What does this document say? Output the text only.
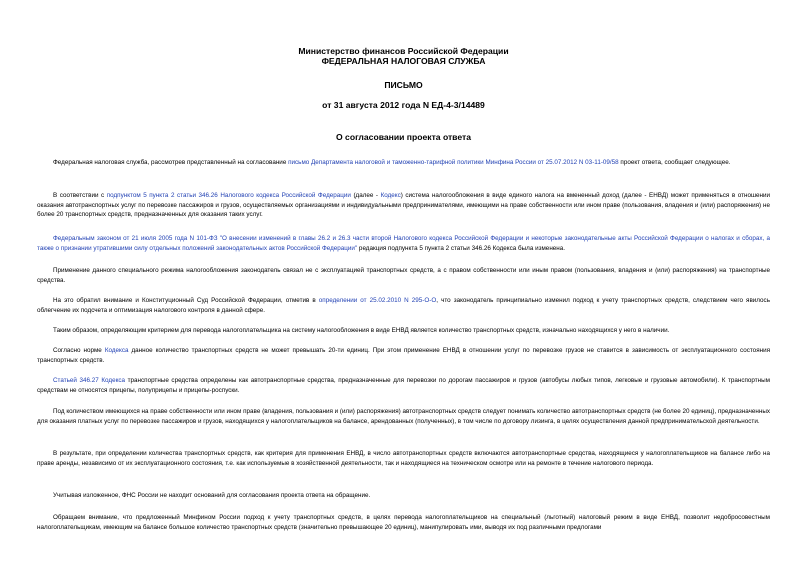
Министерство финансов Российской Федерации
ФЕДЕРАЛЬНАЯ НАЛОГОВАЯ СЛУЖБА
ПИСЬМО
от 31 августа 2012 года N ЕД-4-3/14489
О согласовании проекта ответа
Федеральная налоговая служба, рассмотрев представленный на согласование письмо Департамента налоговой и таможенно-тарифной политики Минфина России от 25.07.2012 N 03-11-09/58 проект ответа, сообщает следующее.
В соответствии с подпунктом 5 пункта 2 статьи 346.26 Налогового кодекса Российской Федерации (далее - Кодекс) система налогообложения в виде единого налога на вмененный доход (далее - ЕНВД) может применяться в отношении оказания автотранспортных услуг по перевозке пассажиров и грузов, осуществляемых организациями и индивидуальными предпринимателями, имеющими на праве собственности или ином праве (пользования, владения и (или) распоряжения) не более 20 транспортных средств, предназначенных для оказания таких услуг.
Федеральным законом от 21 июля 2005 года N 101-ФЗ "О внесении изменений в главы 26.2 и 26.3 части второй Налогового кодекса Российской Федерации и некоторые законодательные акты Российской Федерации о налогах и сборах, а также о признании утратившими силу отдельных положений законодательных актов Российской Федерации" редакция подпункта 5 пункта 2 статьи 346.26 Кодекса была изменена.
Применение данного специального режима налогообложения законодатель связал не с эксплуатацией транспортных средств, а с правом собственности или иным правом (пользования, владения и (или) распоряжения) на транспортные средства.
На это обратил внимание и Конституционный Суд Российской Федерации, отметив в определении от 25.02.2010 N 295-О-О, что законодатель принципиально изменил подход к учету транспортных средств, следствием чего явилось облегчение их подсчета и оптимизация налогового контроля в данной сфере.
Таким образом, определяющим критерием для перевода налогоплательщика на систему налогообложения в виде ЕНВД является количество транспортных средств, изначально находящихся у него в наличии.
Согласно норме Кодекса данное количество транспортных средств не может превышать 20-ти единиц. При этом применение ЕНВД в отношении услуг по перевозке грузов не ставится в зависимость от эксплуатационного состояния транспортных средств.
Статьей 346.27 Кодекса транспортные средства определены как автотранспортные средства, предназначенные для перевозки по дорогам пассажиров и грузов (автобусы любых типов, легковые и грузовые автомобили). К транспортным средствам не относятся прицепы, полуприцепы и прицепы-роспуски.
Под количеством имеющихся на праве собственности или ином праве (владения, пользования и (или) распоряжения) автотранспортных средств следует понимать количество автотранспортных средств (не более 20 единиц), предназначенных для оказания платных услуг по перевозке пассажиров и грузов, находящихся у налогоплательщиков на балансе, арендованных (полученных), в том числе по договору лизинга, в целях осуществления данной предпринимательской деятельности.
В результате, при определении количества транспортных средств, как критерия для применения ЕНВД, в число автотранспортных средств включаются автотранспортные средства, находящиеся у налогоплательщиков на балансе либо на праве аренды, независимо от их эксплуатационного состояния, т.е. как используемые в хозяйственной деятельности, так и находящиеся на техническом осмотре или на ремонте в течение налогового периода.
Учитывая изложенное, ФНС России не находит оснований для согласования проекта ответа на обращение.
Обращаем внимание, что предложенный Минфином России подход к учету транспортных средств, в целях перевода налогоплательщиков на специальный (льготный) налоговый режим в виде ЕНВД, позволит недобросовестным налогоплательщикам, имеющим на балансе большое количество транспортных средств (значительно превышающее 20 единиц), манипулировать ими, выводя их под различными предлогами
